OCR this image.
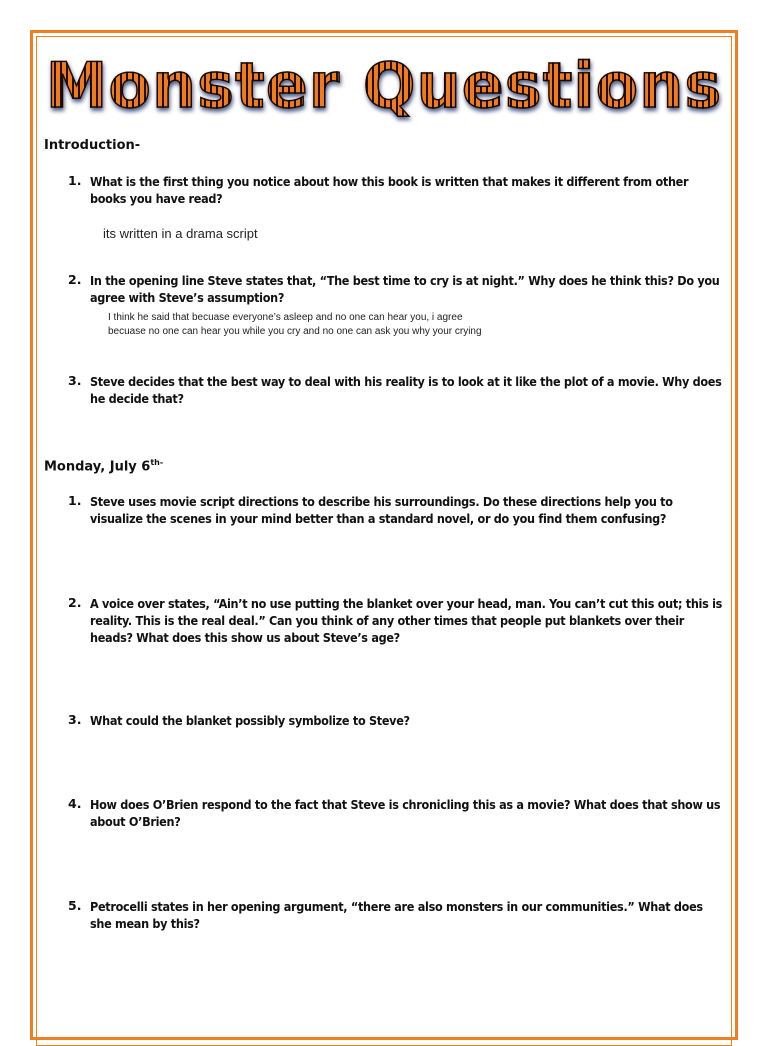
Monster Questions
Introduction-
1. What is the first thing you notice about how this book is written that makes it different from other books you have read?
its written in a drama script
2. In the opening line Steve states that, “The best time to cry is at night.” Why does he think this? Do you agree with Steve’s assumption?
I think he said that becuase everyone’s asleep and no one can hear you, i agree
becuase no one can hear you while you cry and no one can ask you why your crying
3. Steve decides that the best way to deal with his reality is to look at it like the plot of a movie. Why does he decide that?
Monday, July $6^{th-}$
1. Steve uses movie script directions to describe his surroundings. Do these directions help you to visualize the scenes in your mind better than a standard novel, or do you find them confusing?
2. A voice over states, “Ain’t no use putting the blanket over your head, man. You can’t cut this out; this is reality. This is the real deal.” Can you think of any other times that people put blankets over their heads? What does this show us about Steve’s age?
3. What could the blanket possibly symbolize to Steve?
4. How does O’Brien respond to the fact that Steve is chronicling this as a movie? What does that show us about O’Brien?
5. Petrocelli states in her opening argument, “there are also monsters in our communities.” What does she mean by this?
